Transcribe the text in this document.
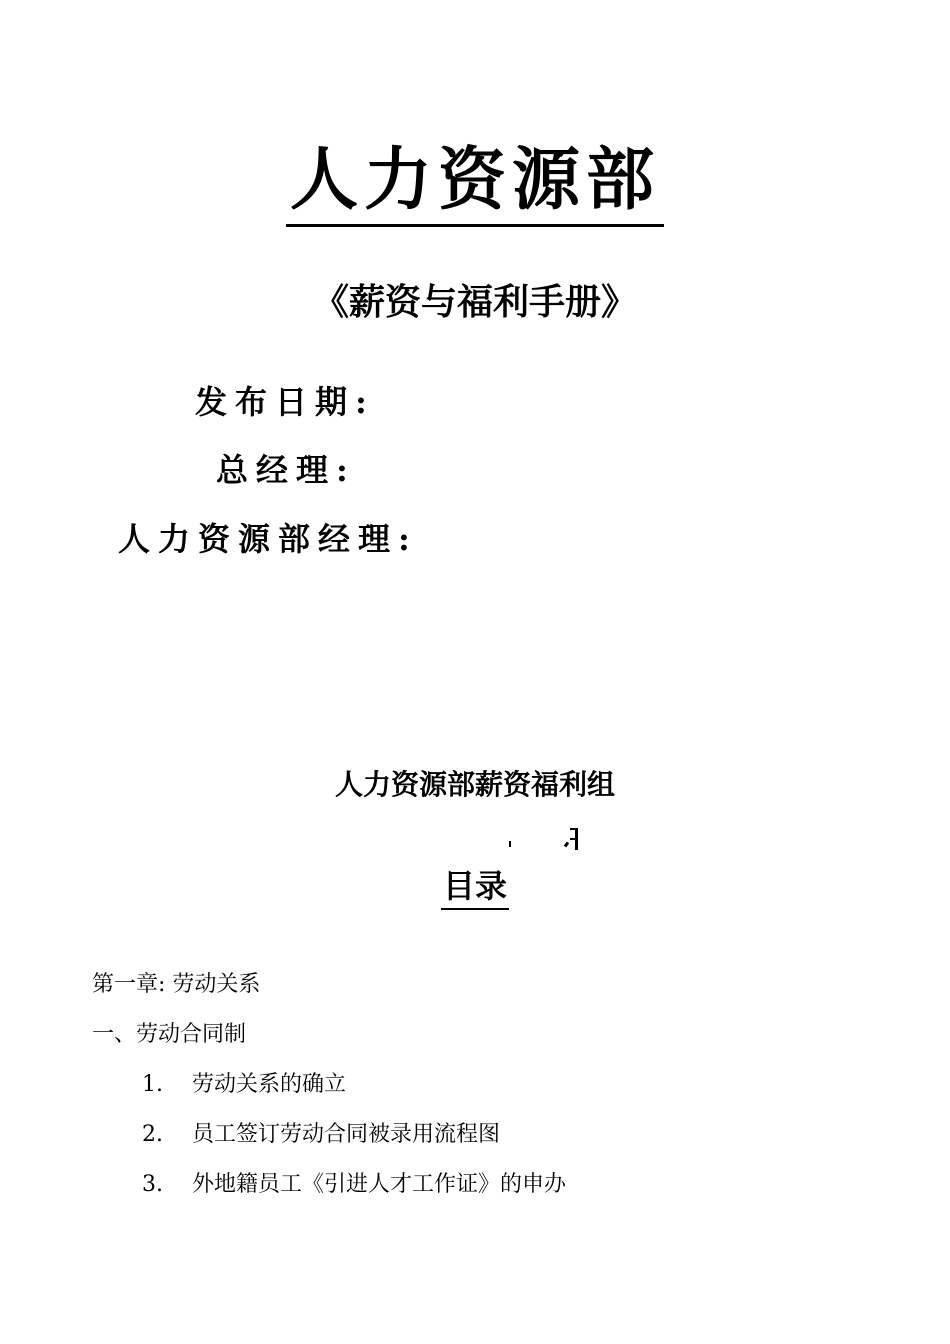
人力资源部
《薪资与福利手册》
发布日期:
总经理:
人力资源部经理:
人力资源部薪资福利组
目录
第一章: 劳动关系
一、劳动合同制
1. 劳动关系的确立
2. 员工签订劳动合同被录用流程图
3. 外地籍员工《引进人才工作证》的申办
